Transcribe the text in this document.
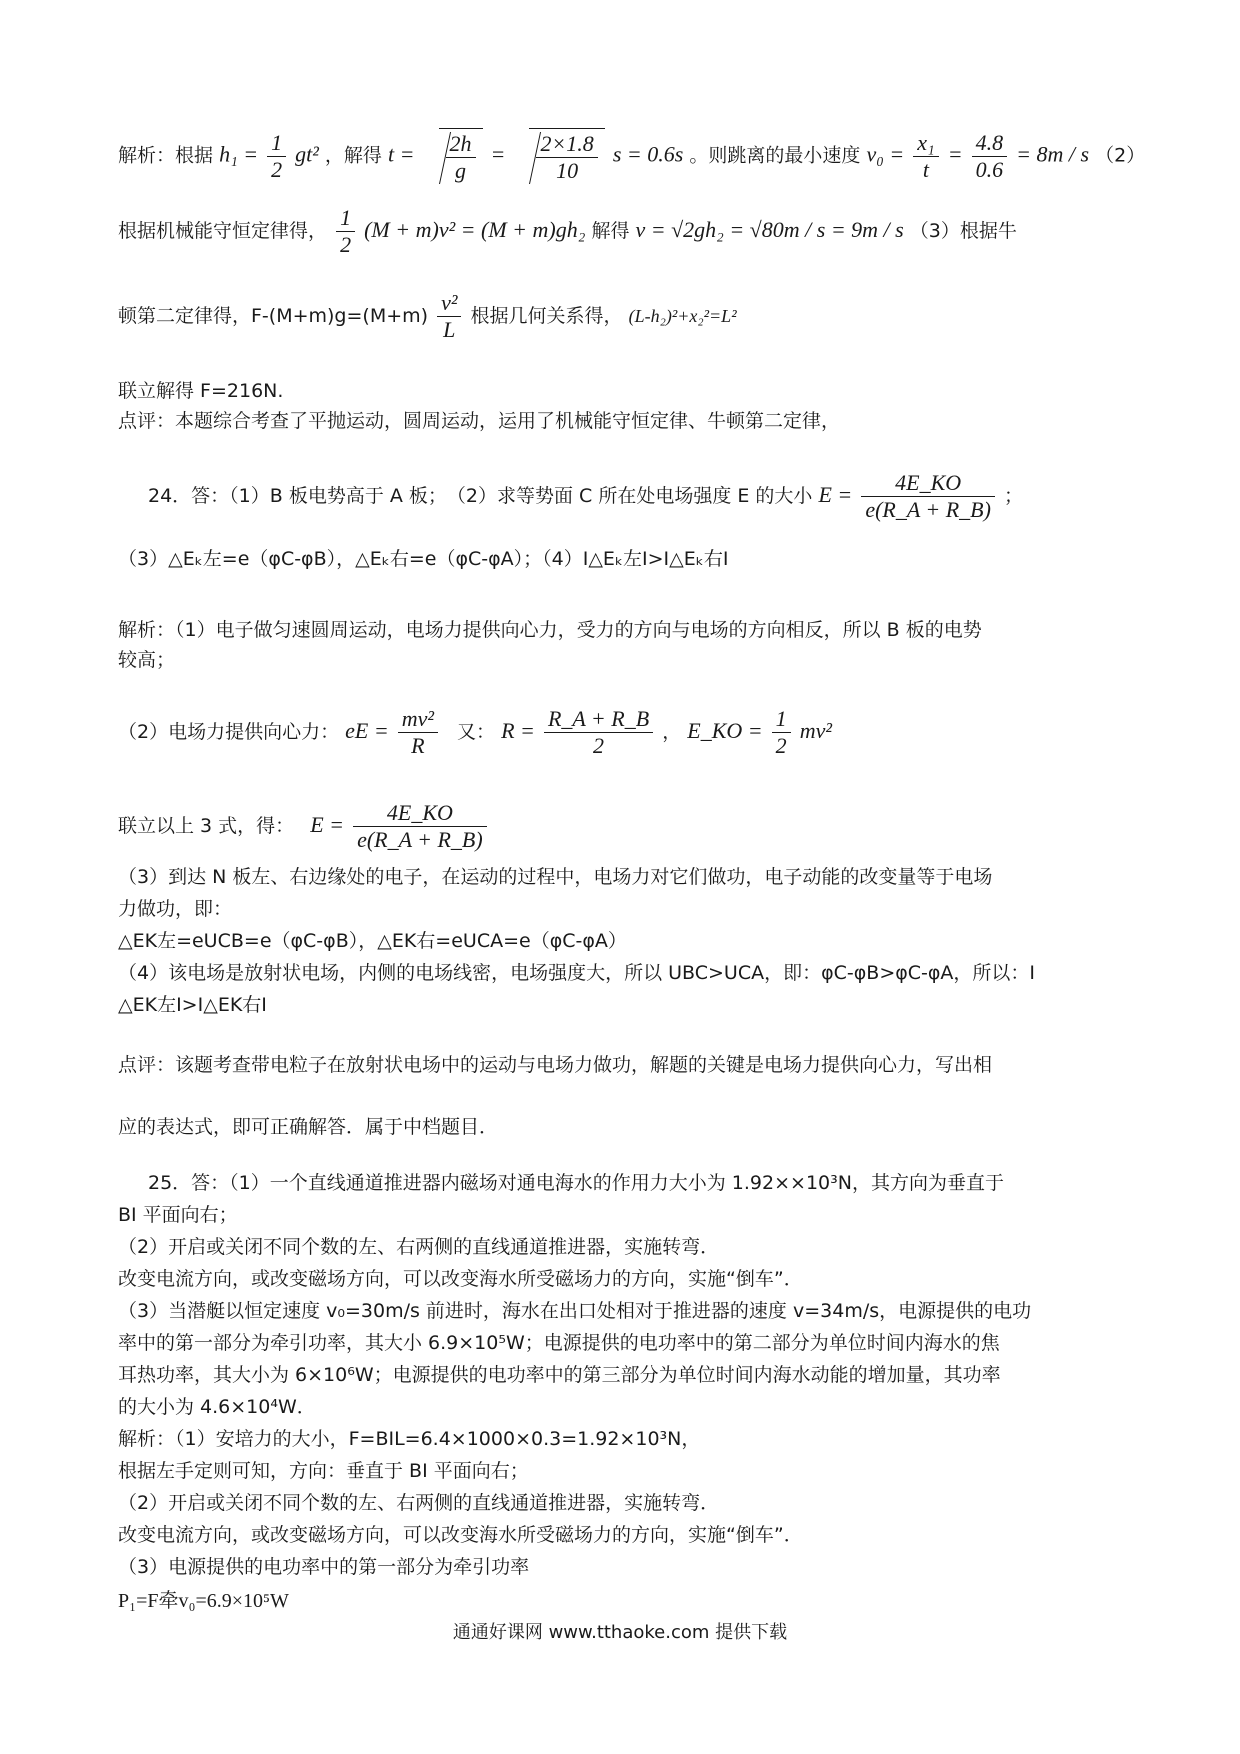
解析：根据 $h_1 = \frac{1}{2} gt^2$ ，解得 $t = \frac{2h}{g} = \frac{2\times 1.8}{10}$ s = 0.6s 。则跳离的最小速度 $v_0 = \frac{\text{x₁}}{t} = \frac{4.8}{0.6} = 8m / s$ （2）
根据机械能守恒定律得， $\frac{1}{2} (M + m)v^2 = (M + m)gh_2$ 解得 v = √2gh₂ = √80m / s = 9m / s （3）根据牛
顿第二定律得，$F-(M+m)g=(M+m) \frac{\text{v²}}{L}$ 根据几何关系得， (L-h₂)²+x₂²=L²
联立解得 F=216N.
点评：本题综合考查了平抛运动，圆周运动，运用了机械能守恒定律、牛顿第二定律，
24．答：（1）B 板电势高于 A 板；　（2）求等势面 C 所在处电场强度 E 的大小 $E = \frac{4E\_KO}{e(R\_A + R\_B)}$ ；
（3）△Eₖ左=e（φC-φB），△Eₖ右=e（φC-φA）；（4）I△Eₖ左I>I△Eₖ右I
解析：（1）电子做匀速圆周运动，电场力提供向心力，受力的方向与电场的方向相反，所以 B 板的电势
较高；
（2）电场力提供向心力： eE = $\frac{\text{mv²}}{R}$ 又： $R = \frac{R\_A + R\_B}{2}$ ， E_KO = $\frac{1}{2} mv^2$
联立以上 3 式，得： $E = \frac{4E\_KO}{e(R\_A + R\_B)}$
（3）到达 N 板左、右边缘处的电子，在运动的过程中，电场力对它们做功，电子动能的改变量等于电场
力做功，即：
△EK左=eUCB=e（φC-φB），△EK右=eUCA=e（φC-φA）
（4）该电场是放射状电场，内侧的电场线密，电场强度大，所以 UBC>UCA，即：φC-φB>φC-φA，所以：I
△EK左I>I△EK右I
点评：该题考查带电粒子在放射状电场中的运动与电场力做功，解题的关键是电场力提供向心力，写出相
应的表达式，即可正确解答．属于中档题目．
25．答：（1）一个直线通道推进器内磁场对通电海水的作用力大小为 1.92××10³N，其方向为垂直于
BI 平面向右；
（2）开启或关闭不同个数的左、右两侧的直线通道推进器，实施转弯．
改变电流方向，或改变磁场方向，可以改变海水所受磁场力的方向，实施“倒车”．
（3）当潜艇以恒定速度 v₀=30m/s 前进时，海水在出口处相对于推进器的速度 v=34m/s，电源提供的电功
率中的第一部分为牵引功率，其大小 6.9×10⁵W；电源提供的电功率中的第二部分为单位时间内海水的焦
耳热功率，其大小为 6×10⁶W；电源提供的电功率中的第三部分为单位时间内海水动能的增加量，其功率
的大小为 4.6×10⁴W．
解析：（1）安培力的大小，F=BIL=6.4×1000×0.3=1.92×10³N，
根据左手定则可知，方向：垂直于 BI 平面向右；
（2）开启或关闭不同个数的左、右两侧的直线通道推进器，实施转弯．
改变电流方向，或改变磁场方向，可以改变海水所受磁场力的方向，实施“倒车”．
（3）电源提供的电功率中的第一部分为牵引功率
P₁=F牵v₀=6.9×10⁵W
通通好课网 www.tthaoke.com 提供下载
